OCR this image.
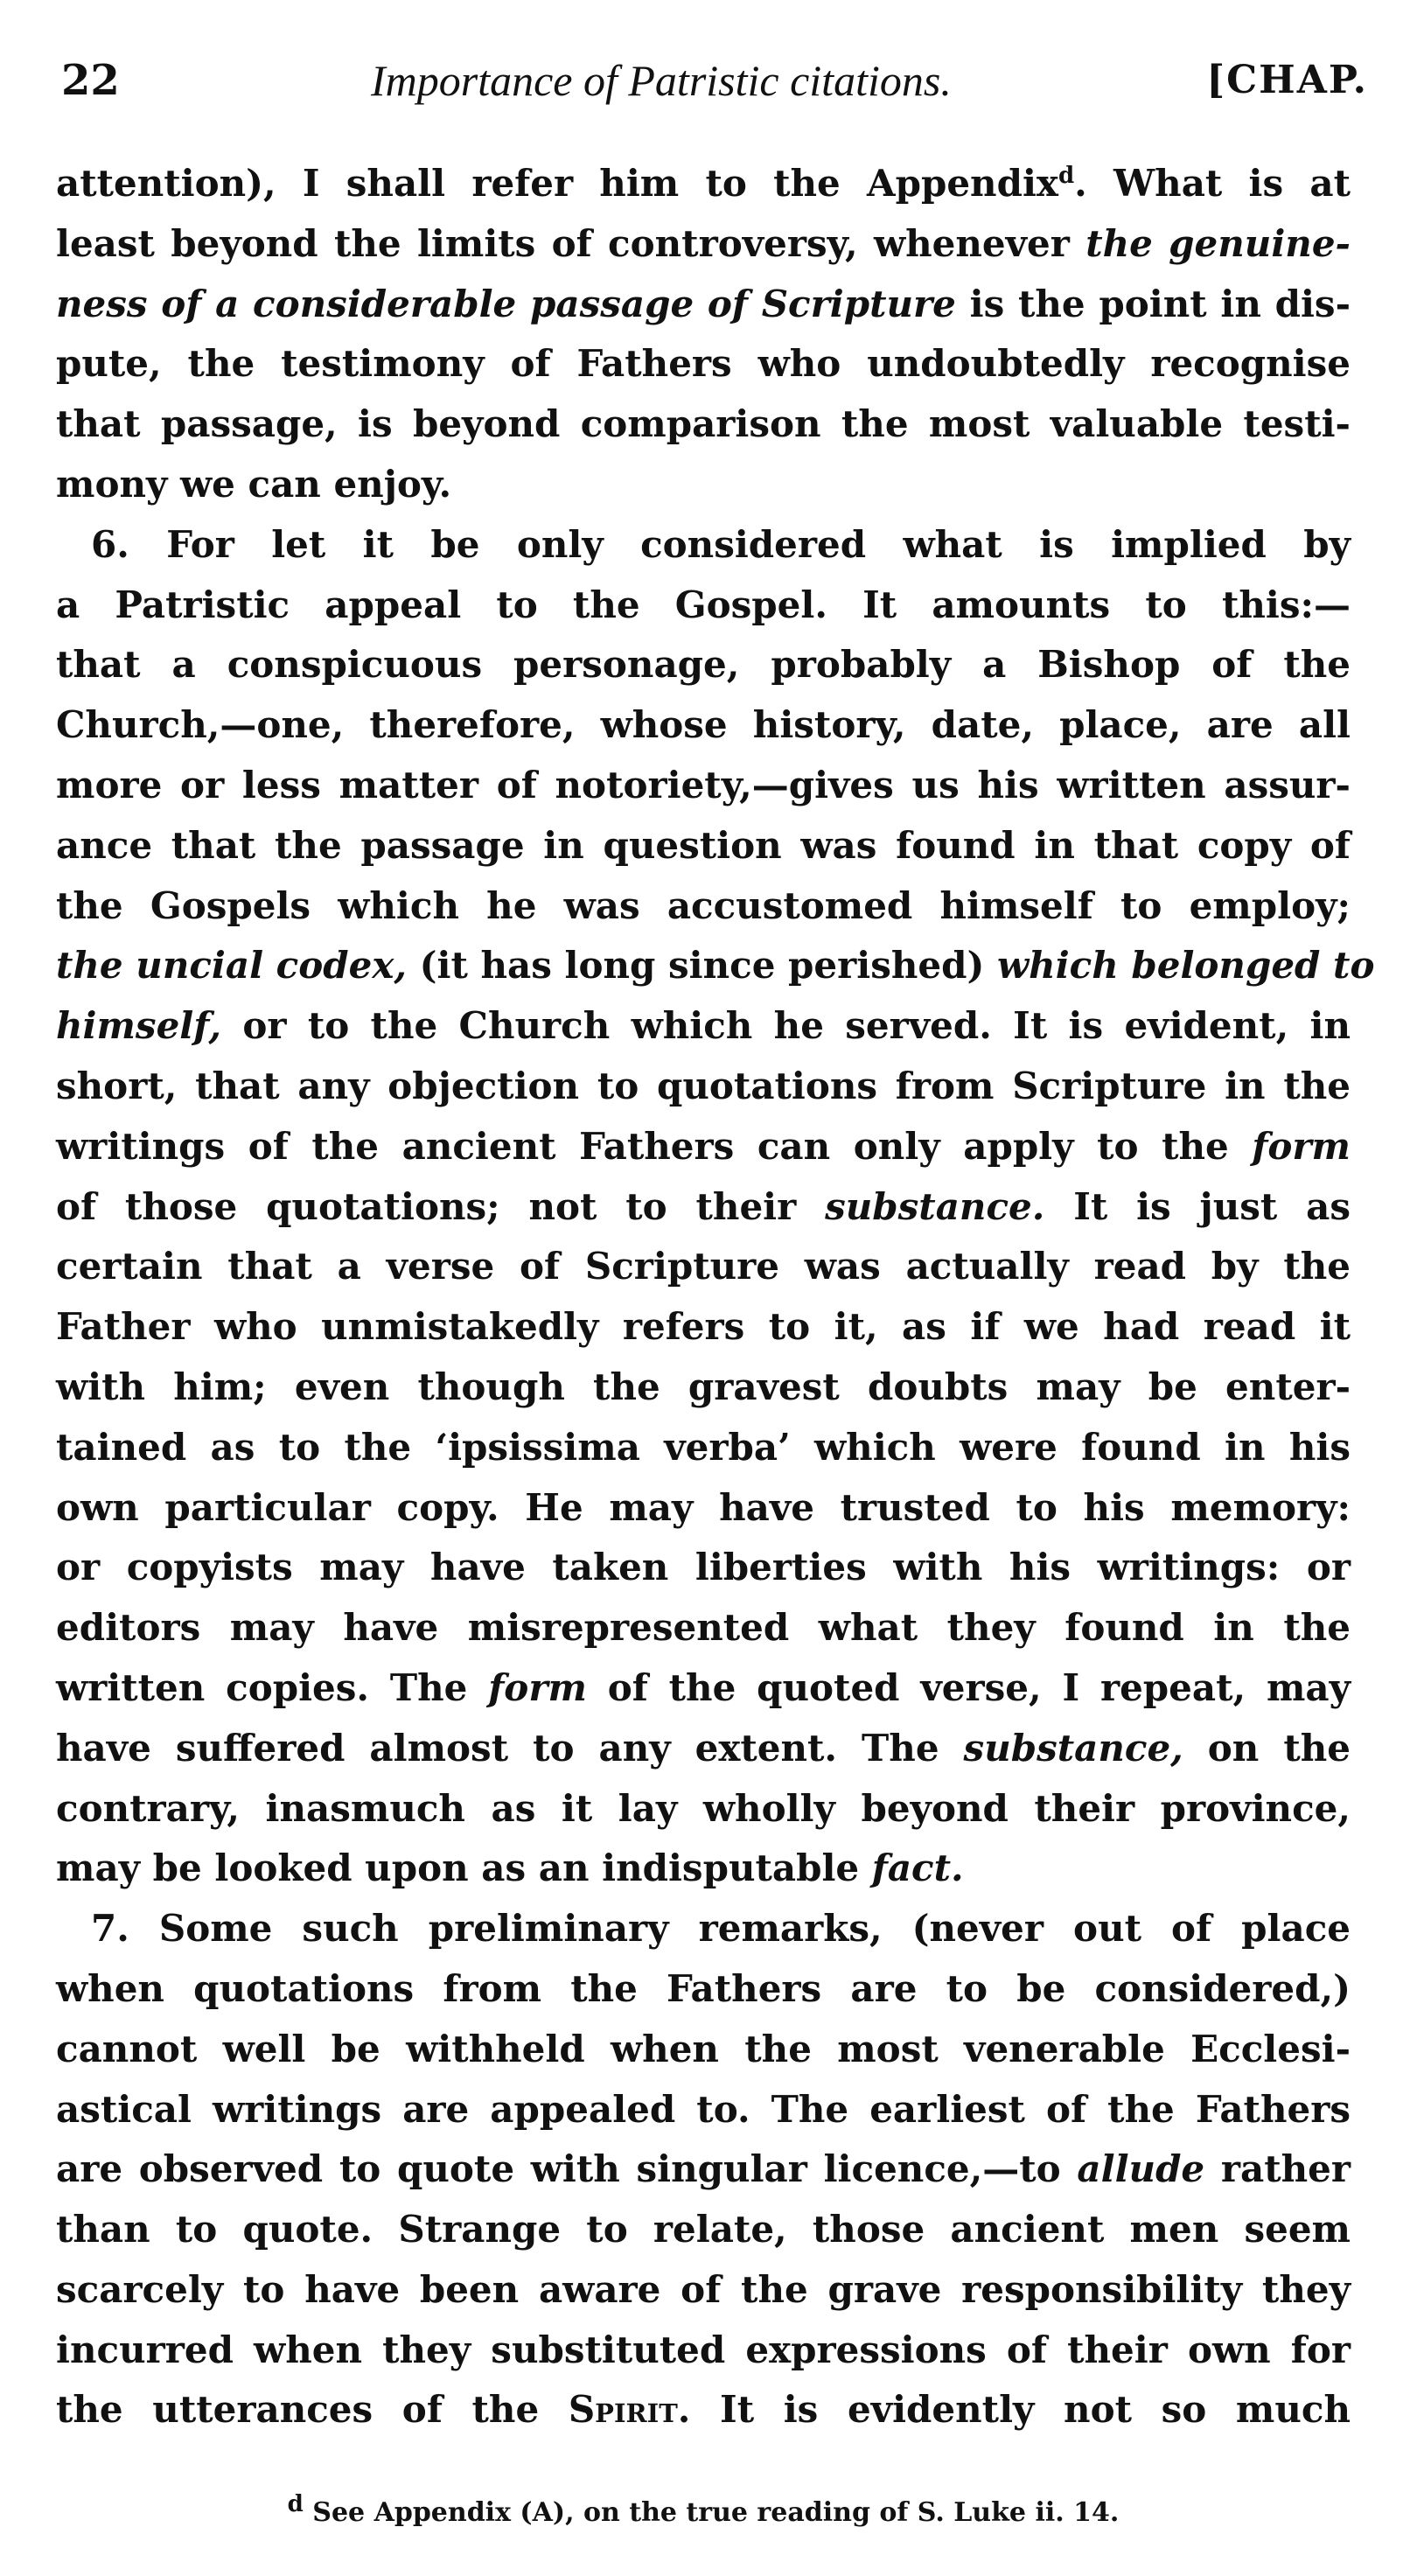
22	Importance of Patristic citations.	[CHAP.
attention), I shall refer him to the Appendix$^d$. What is at
least beyond the limits of controversy, whenever the genuine-
ness of a considerable passage of Scripture is the point in dis-
pute, the testimony of Fathers who undoubtedly recognise
that passage, is beyond comparison the most valuable testi-
mony we can enjoy.
6. For let it be only considered what is implied by
a Patristic appeal to the Gospel. It amounts to this:—
that a conspicuous personage, probably a Bishop of the
Church,—one, therefore, whose history, date, place, are all
more or less matter of notoriety,—gives us his written assur-
ance that the passage in question was found in that copy of
the Gospels which he was accustomed himself to employ;
the uncial codex, (it has long since perished) which belonged to
himself, or to the Church which he served. It is evident, in
short, that any objection to quotations from Scripture in the
writings of the ancient Fathers can only apply to the form
of those quotations; not to their substance. It is just as
certain that a verse of Scripture was actually read by the
Father who unmistakedly refers to it, as if we had read it
with him; even though the gravest doubts may be enter-
tained as to the ‘ipsissima verba’ which were found in his
own particular copy. He may have trusted to his memory:
or copyists may have taken liberties with his writings: or
editors may have misrepresented what they found in the
written copies. The form of the quoted verse, I repeat, may
have suffered almost to any extent. The substance, on the
contrary, inasmuch as it lay wholly beyond their province,
may be looked upon as an indisputable fact.
7. Some such preliminary remarks, (never out of place
when quotations from the Fathers are to be considered,)
cannot well be withheld when the most venerable Ecclesi-
astical writings are appealed to. The earliest of the Fathers
are observed to quote with singular licence,—to allude rather
than to quote. Strange to relate, those ancient men seem
scarcely to have been aware of the grave responsibility they
incurred when they substituted expressions of their own for
the utterances of the Spirit. It is evidently not so much
$^d$ See Appendix (A), on the true reading of S. Luke ii. 14.
